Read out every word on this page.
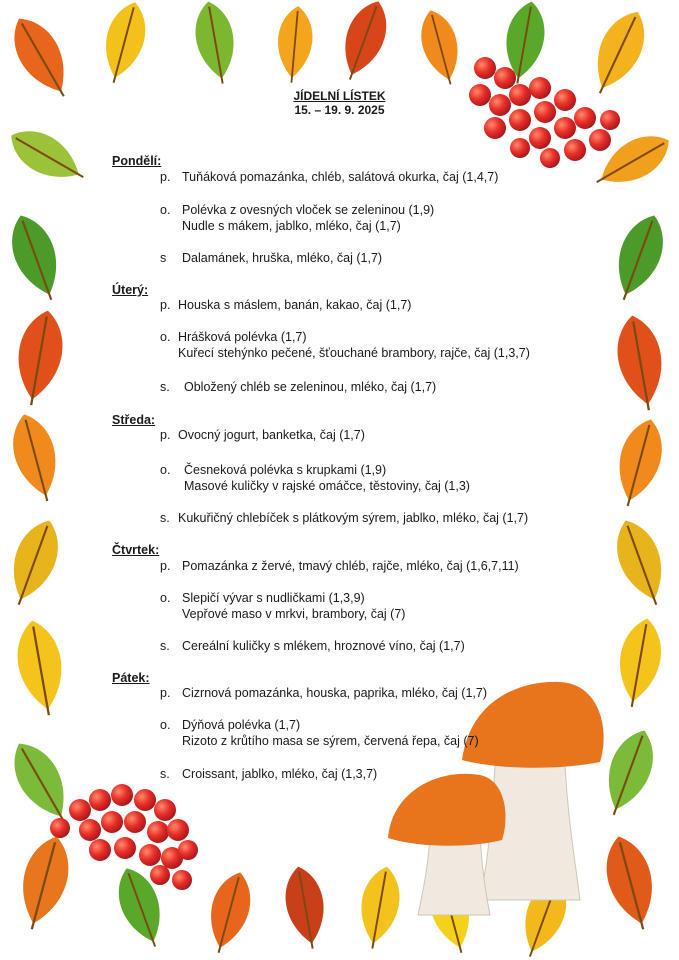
JÍDELNÍ LÍSTEK
15. – 19. 9. 2025
Pondělí:
p. Tuňáková pomazánka, chléb, salátová okurka, čaj (1,4,7)
o. Polévka z ovesných vloček se zeleninou (1,9)
Nudle s mákem, jablko, mléko, čaj (1,7)
s Dalamánek, hruška, mléko, čaj (1,7)
Úterý:
p. Houska s máslem, banán, kakao, čaj (1,7)
o. Hrášková polévka (1,7)
Kuřecí stehýnko pečené, šťouchané brambory, rajče, čaj (1,3,7)
s. Obložený chléb se zeleninou, mléko, čaj (1,7)
Středa:
p. Ovocný jogurt, banketka, čaj (1,7)
o. Česneková polévka s krupkami (1,9)
Masové kuličky v rajské omáčce, těstoviny, čaj (1,3)
s. Kukuřičný chlebíček s plátkovým sýrem, jablko, mléko, čaj (1,7)
Čtvrtek:
p. Pomazánka z žervé, tmavý chléb, rajče, mléko, čaj (1,6,7,11)
o. Slepičí vývar s nudličkami (1,3,9)
Vepřové maso v mrkvi, brambory, čaj (7)
s. Cereální kuličky s mlékem, hroznové víno, čaj (1,7)
Pátek:
p. Cizrnová pomazánka, houska, paprika, mléko, čaj (1,7)
o. Dýňová polévka (1,7)
Rizoto z krůtího masa se sýrem, červená řepa, čaj (7)
s. Croissant, jablko, mléko, čaj (1,3,7)
